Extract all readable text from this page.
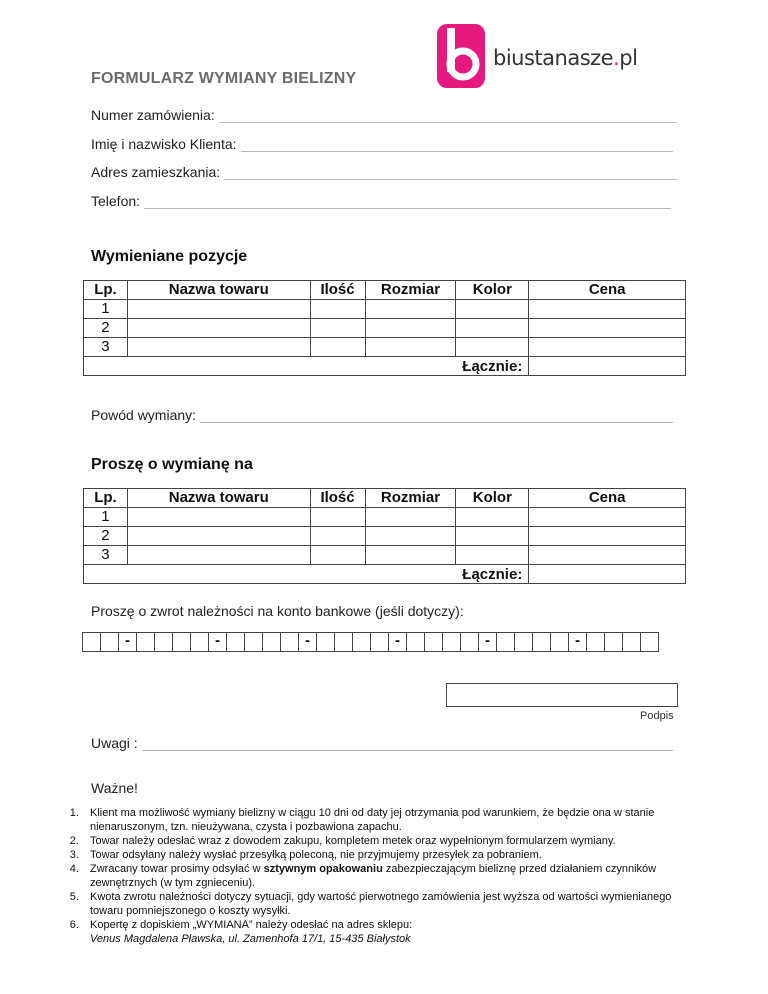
biustanasze.pl
FORMULARZ WYMIANY BIELIZNY
Numer zamówienia:
Imię i nazwisko Klienta:
Adres zamieszkania:
Telefon:
Wymieniane pozycje
Lp.	Nazwa towaru	Ilość	Rozmiar	Kolor	Cena
1					
2					
3					
Łącznie:					
Powód wymiany:
Proszę o wymianę na
Lp.	Nazwa towaru	Ilość	Rozmiar	Kolor	Cena
1					
2					
3					
Łącznie:					
Proszę o zwrot należności na konto bankowe (jeśli dotyczy):
-	-	-	-	-	-
Podpis
Uwagi :
Ważne!
1. Klient ma możliwość wymiany bielizny w ciągu 10 dni od daty jej otrzymania pod warunkiem, że będzie ona w stanie nienaruszonym, tzn. nieużywana, czysta i pozbawiona zapachu.
2. Towar należy odesłać wraz z dowodem zakupu, kompletem metek oraz wypełnionym formularzem wymiany.
3. Towar odsyłany należy wysłać przesyłką poleconą, nie przyjmujemy przesyłek za pobraniem.
4. Zwracany towar prosimy odsyłać w sztywnym opakowaniu zabezpieczającym bieliznę przed działaniem czynników zewnętrznych (w tym zgnieceniu).
5. Kwota zwrotu należności dotyczy sytuacji, gdy wartość pierwotnego zamówienia jest wyższa od wartości wymienianego towaru pomniejszonego o koszty wysyłki.
6. Kopertę z dopiskiem „WYMIANA” należy odesłać na adres sklepu:
Venus Magdalena Pławska, ul. Zamenhofa 17/1, 15-435 Białystok
